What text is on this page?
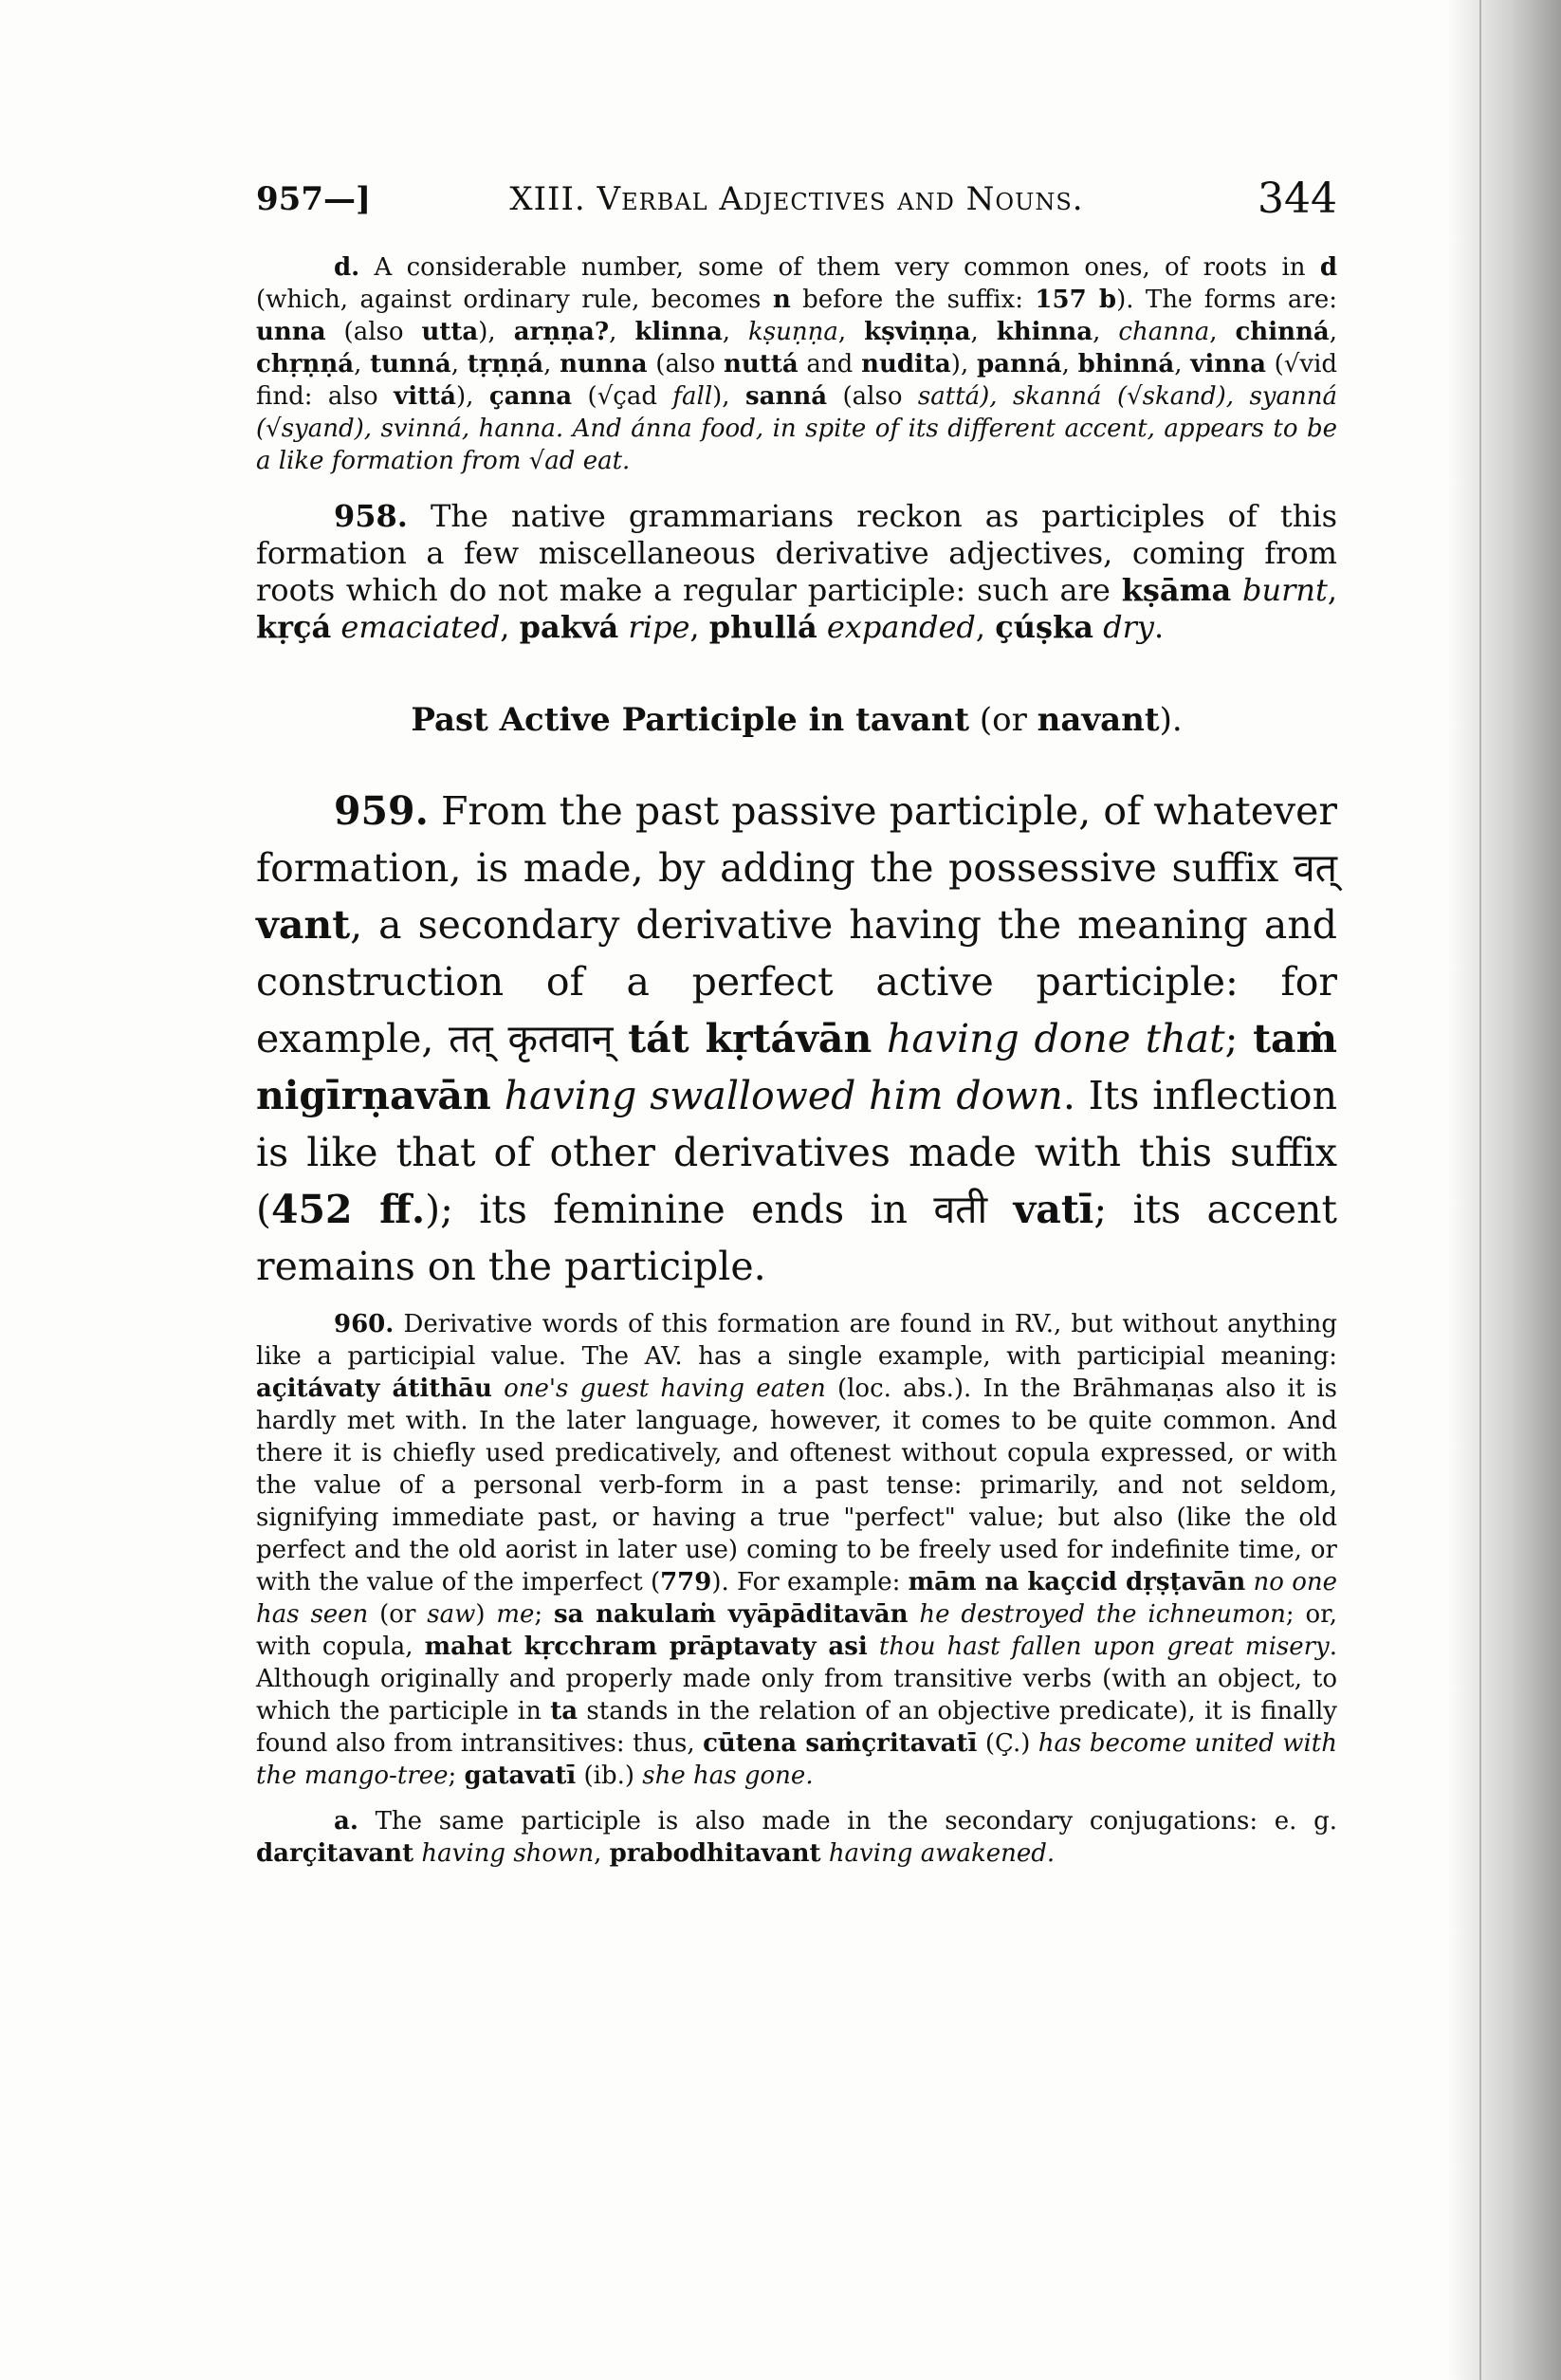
957—]	XIII. Verbal Adjectives and Nouns.	344

d. A considerable number, some of them very common ones, of roots in d (which, against ordinary rule, becomes n before the suffix: 157 b). The forms are: unna (also utta), arṇṇa?, klinna, kṣuṇṇa, kṣviṇṇa, khinna, channa, chinná, chṛṇṇá, tunná, tṛṇṇá, nunna (also nuttá and nudita), panná, bhinná, vinna (√vid find: also vittá), çanna (√çad fall), sanná (also sattá), skanná (√skand), syanná (√syand), svinná, hanna. And ánna food, in spite of its different accent, appears to be a like formation from √ad eat.

958. The native grammarians reckon as participles of this formation a few miscellaneous derivative adjectives, coming from roots which do not make a regular participle: such are kṣāma burnt, kṛçá emaciated, pakvá ripe, phullá expanded, çúṣka dry.

Past Active Participle in tavant (or navant).

959. From the past passive participle, of whatever formation, is made, by adding the possessive suffix वत् vant, a secondary derivative having the meaning and construction of a perfect active participle: for example, तत् कृतवान् tát kṛtávān having done that; taṁ nigīrṇavān having swallowed him down. Its inflection is like that of other derivatives made with this suffix (452 ff.); its feminine ends in वती vatī; its accent remains on the participle.

960. Derivative words of this formation are found in RV., but without anything like a participial value. The AV. has a single example, with participial meaning: açitávaty átithāu one's guest having eaten (loc. abs.). In the Brāhmaṇas also it is hardly met with. In the later language, however, it comes to be quite common. And there it is chiefly used predicatively, and oftenest without copula expressed, or with the value of a personal verb-form in a past tense: primarily, and not seldom, signifying immediate past, or having a true "perfect" value; but also (like the old perfect and the old aorist in later use) coming to be freely used for indefinite time, or with the value of the imperfect (779). For example: mām na kaçcid dṛṣṭavān no one has seen (or saw) me; sa nakulaṁ vyāpāditavān he destroyed the ichneumon; or, with copula, mahat kṛcchram prāptavaty asi thou hast fallen upon great misery. Although originally and properly made only from transitive verbs (with an object, to which the participle in ta stands in the relation of an objective predicate), it is finally found also from intransitives: thus, cūtena saṁçritavatī (Ç.) has become united with the mango-tree; gatavatī (ib.) she has gone.

a. The same participle is also made in the secondary conjugations: e. g. darçitavant having shown, prabodhitavant having awakened.
